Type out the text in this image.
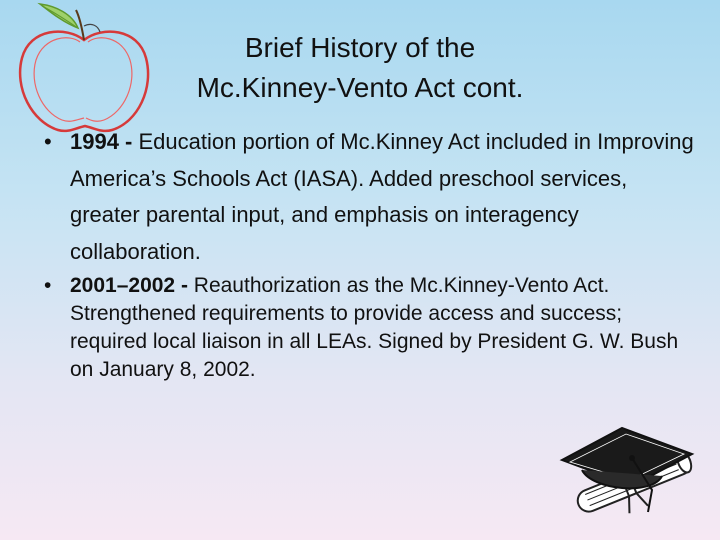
Brief History of the
Mc.Kinney-Vento Act cont.
• 1994 - Education portion of Mc.Kinney Act included in Improving America’s Schools Act (IASA). Added preschool services, greater parental input, and emphasis on interagency collaboration.
• 2001–2002 - Reauthorization as the Mc.Kinney-Vento Act. Strengthened requirements to provide access and success; required local liaison in all LEAs. Signed by President G. W. Bush on January 8, 2002.
